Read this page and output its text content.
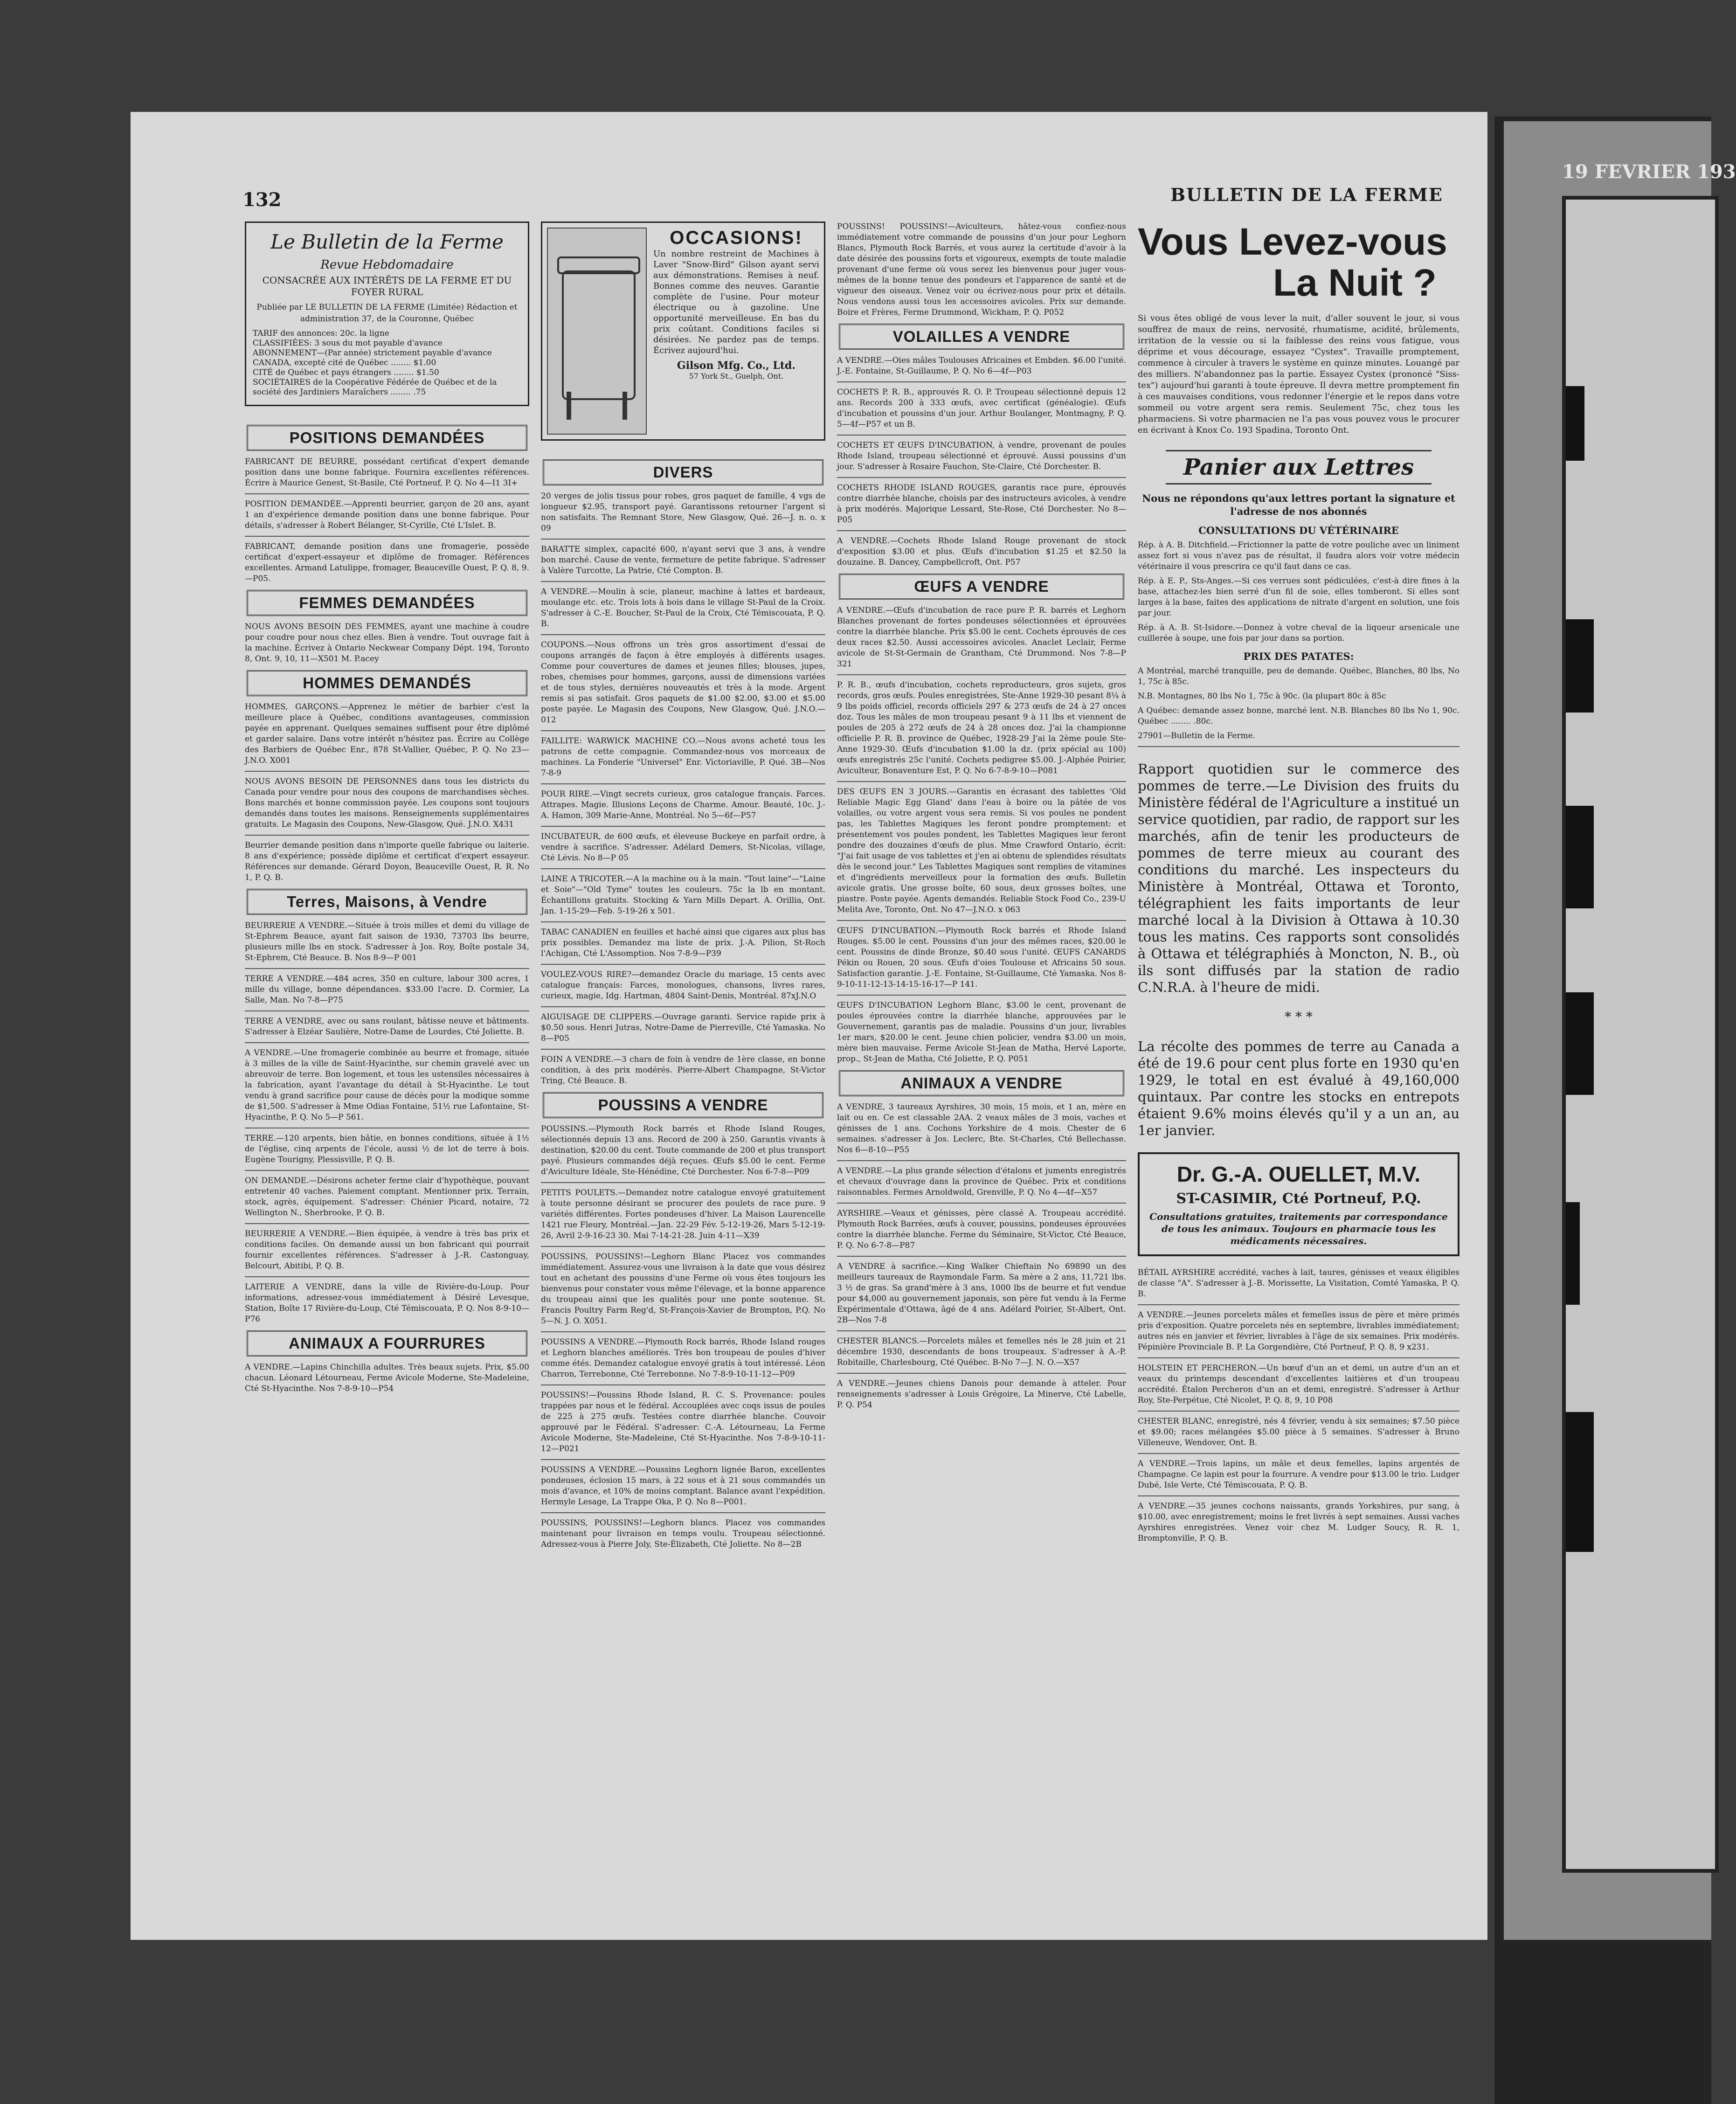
19 FEVRIER 193
132	BULLETIN DE LA FERME
Le Bulletin de la Ferme
Revue Hebdomadaire
CONSACRÉE AUX INTÉRÊTS DE LA FERME ET DU FOYER RURAL
Publiée par LE BULLETIN DE LA FERME (Limitée) Rédaction et administration 37, de la Couronne, Québec
TARIF des annonces: 20c. la ligne
CLASSIFIÉES: 3 sous du mot payable d'avance
ABONNEMENT—(Par année) strictement payable d'avance
CANADA, excepté cité de Québec ........ $1.00
CITÉ de Québec et pays étrangers ........ $1.50
SOCIÉTAIRES de la Coopérative Fédérée de Québec et de la société des Jardiniers Maraîchers ........ .75
POSITIONS DEMANDÉES

FABRICANT DE BEURRE, possédant certificat d'expert demande position dans une bonne fabrique. Fournira excellentes références. Écrire à Maurice Genest, St-Basile, Cté Portneuf, P. Q. No 4—I1 3I+

POSITION DEMANDÉE.—Apprenti beurrier, garçon de 20 ans, ayant 1 an d'expérience demande position dans une bonne fabrique. Pour détails, s'adresser à Robert Bélanger, St-Cyrille, Cté L'Islet. B.

FABRICANT, demande position dans une fromagerie, possède certificat d'expert-essayeur et diplôme de fromager. Références excellentes. Armand Latulippe, fromager, Beauceville Ouest, P. Q. 8, 9.—P05.

FEMMES DEMANDÉES

NOUS AVONS BESOIN DES FEMMES, ayant une machine à coudre pour coudre pour nous chez elles. Bien à vendre. Tout ouvrage fait à la machine. Écrivez à Ontario Neckwear Company Dépt. 194, Toronto 8, Ont. 9, 10, 11—X501 M. P.acey

HOMMES DEMANDÉS

HOMMES, GARÇONS.—Apprenez le métier de barbier c'est la meilleure place à Québec, conditions avantageuses, commission payée en apprenant. Quelques semaines suffisent pour être diplômé et garder salaire. Dans votre intérêt n'hésitez pas. Écrire au Collège des Barbiers de Québec Enr., 878 St-Vallier, Québec, P. Q. No 23—J.N.O. X001

NOUS AVONS BESOIN DE PERSONNES dans tous les districts du Canada pour vendre pour nous des coupons de marchandises sèches. Bons marchés et bonne commission payée. Les coupons sont toujours demandés dans toutes les maisons. Renseignements supplémentaires gratuits. Le Magasin des Coupons, New-Glasgow, Qué. J.N.O. X431

Beurrier demande position dans n'importe quelle fabrique ou laiterie. 8 ans d'expérience; possède diplôme et certificat d'expert essayeur. Références sur demande. Gérard Doyon, Beauceville Ouest, R. R. No 1, P. Q. B.

Terres, Maisons, à Vendre

BEURRERIE A VENDRE.—Située à trois milles et demi du village de St-Ephrem Beauce, ayant fait saison de 1930, 73703 lbs beurre, plusieurs mille lbs en stock. S'adresser à Jos. Roy, Boîte postale 34, St-Ephrem, Cté Beauce. B. Nos 8-9—P 001

TERRE A VENDRE.—484 acres, 350 en culture, labour 300 acres, 1 mille du village, bonne dépendances. $33.00 l'acre. D. Cormier, La Salle, Man. No 7-8—P75

TERRE A VENDRE, avec ou sans roulant, bâtisse neuve et bâtiments. S'adresser à Elzéar Saulière, Notre-Dame de Lourdes, Cté Joliette. B.

A VENDRE.—Une fromagerie combinée au beurre et fromage, située à 3 milles de la ville de Saint-Hyacinthe, sur chemin gravelé avec un abreuvoir de terre. Bon logement, et tous les ustensiles nécessaires à la fabrication, ayant l'avantage du détail à St-Hyacinthe. Le tout vendu à grand sacrifice pour cause de décès pour la modique somme de $1,500. S'adresser à Mme Odias Fontaine, 51½ rue Lafontaine, St-Hyacinthe, P. Q. No 5—P 561.

TERRE.—120 arpents, bien bâtie, en bonnes conditions, située à 1½ de l'église, cinq arpents de l'école, aussi ½ de lot de terre à bois. Eugène Tourigny, Plessisville, P. Q. B.

ON DEMANDE.—Désirons acheter ferme clair d'hypothèque, pouvant entretenir 40 vaches. Paiement comptant. Mentionner prix. Terrain, stock, agrès, équipement. S'adresser: Chénier Picard, notaire, 72 Wellington N., Sherbrooke, P. Q. B.

BEURRERIE A VENDRE.—Bien équipée, à vendre à très bas prix et conditions faciles. On demande aussi un bon fabricant qui pourrait fournir excellentes références. S'adresser à J.-R. Castonguay, Belcourt, Abitibi, P. Q. B.

LAITERIE A VENDRE, dans la ville de Rivière-du-Loup. Pour informations, adressez-vous immédiatement à Désiré Levesque, Station, Boîte 17 Rivière-du-Loup, Cté Témiscouata, P. Q. Nos 8-9-10—P76

ANIMAUX A FOURRURES

A VENDRE.—Lapins Chinchilla adultes. Très beaux sujets. Prix, $5.00 chacun. Léonard Létourneau, Ferme Avicole Moderne, Ste-Madeleine, Cté St-Hyacinthe. Nos 7-8-9-10—P54

OCCASIONS!

Un nombre restreint de Machines à Laver "Snow-Bird" Gilson ayant servi aux démonstrations. Remises à neuf. Bonnes comme des neuves. Garantie complète de l'usine. Pour moteur électrique ou à gazoline. Une opportunité merveilleuse. En bas du prix coûtant. Conditions faciles si désirées. Ne pardez pas de temps. Écrivez aujourd'hui.

Gilson Mfg. Co., Ltd.
57 York St., Guelph, Ont.
DIVERS

20 verges de jolis tissus pour robes, gros paquet de famille, 4 vgs de longueur $2.95, transport payé. Garantissons retourner l'argent si non satisfaits. The Remnant Store, New Glasgow, Qué. 26—J. n. o. x 09

BARATTE simplex, capacité 600, n'ayant servi que 3 ans, à vendre bon marché. Cause de vente, fermeture de petite fabrique. S'adresser à Valère Turcotte, La Patrie, Cté Compton. B.

A VENDRE.—Moulin à scie, planeur, machine à lattes et bardeaux, moulange etc. etc. Trois lots à bois dans le village St-Paul de la Croix. S'adresser à C.-E. Boucher, St-Paul de la Croix, Cté Témiscouata, P. Q. B.

COUPONS.—Nous offrons un très gros assortiment d'essai de coupons arrangés de façon à être employés à différents usages. Comme pour couvertures de dames et jeunes filles; blouses, jupes, robes, chemises pour hommes, garçons, aussi de dimensions variées et de tous styles, dernières nouveautés et très à la mode. Argent remis si pas satisfait. Gros paquets de $1.00 $2.00, $3.00 et $5.00 poste payée. Le Magasin des Coupons, New Glasgow, Qué. J.N.O.—012

FAILLITE: WARWICK MACHINE CO.—Nous avons acheté tous les patrons de cette compagnie. Commandez-nous vos morceaux de machines. La Fonderie "Universel" Enr. Victoriaville, P. Qué. 3B—Nos 7-8-9

POUR RIRE.—Vingt secrets curieux, gros catalogue français. Farces. Attrapes. Magie. Illusions Leçons de Charme. Amour. Beauté, 10c. J.-A. Hamon, 309 Marie-Anne, Montréal. No 5—6f—P57

INCUBATEUR, de 600 œufs, et éleveuse Buckeye en parfait ordre, à vendre à sacrifice. S'adresser. Adélard Demers, St-Nicolas, village, Cté Lévis. No 8—P 05

LAINE A TRICOTER.—A la machine ou à la main. "Tout laine"—"Laine et Soie"—"Old Tyme" toutes les couleurs. 75c la lb en montant. Échantillons gratuits. Stocking & Yarn Mills Depart. A. Orillia, Ont. Jan. 1-15-29—Feb. 5-19-26 x 501.

TABAC CANADIEN en feuilles et haché ainsi que cigares aux plus bas prix possibles. Demandez ma liste de prix. J.-A. Pilion, St-Roch l'Achigan, Cté L'Assomption. Nos 7-8-9—P39

VOULEZ-VOUS RIRE?—demandez Oracle du mariage, 15 cents avec catalogue français: Farces, monologues, chansons, livres rares, curieux, magie, Idg. Hartman, 4804 Saint-Denis, Montréal. 87xJ.N.O

AIGUISAGE DE CLIPPERS.—Ouvrage garanti. Service rapide prix à $0.50 sous. Henri Jutras, Notre-Dame de Pierreville, Cté Yamaska. No 8—P05

FOIN A VENDRE.—3 chars de foin à vendre de 1ère classe, en bonne condition, à des prix modérés. Pierre-Albert Champagne, St-Victor Tring, Cté Beauce. B.

POUSSINS A VENDRE

POUSSINS.—Plymouth Rock barrés et Rhode Island Rouges, sélectionnés depuis 13 ans. Record de 200 à 250. Garantis vivants à destination, $20.00 du cent. Toute commande de 200 et plus transport payé. Plusieurs commandes déjà reçues. Œufs $5.00 le cent. Ferme d'Aviculture Idéale, Ste-Hénédine, Cté Dorchester. Nos 6-7-8—P09

PETITS POULETS.—Demandez notre catalogue envoyé gratuitement à toute personne désirant se procurer des poulets de race pure. 9 variétés différentes. Fortes pondeuses d'hiver. La Maison Laurencelle 1421 rue Fleury, Montréal.—Jan. 22-29 Fév. 5-12-19-26, Mars 5-12-19-26, Avril 2-9-16-23 30. Mai 7-14-21-28. Juin 4-11—X39

POUSSINS, POUSSINS!—Leghorn Blanc Placez vos commandes immédiatement. Assurez-vous une livraison à la date que vous désirez tout en achetant des poussins d'une Ferme où vous êtes toujours les bienvenus pour constater vous même l'élevage, et la bonne apparence du troupeau ainsi que les qualités pour une ponte soutenue. St. Francis Poultry Farm Reg'd, St-François-Xavier de Brompton, P.Q. No 5—N. J. O. X051.

POUSSINS A VENDRE.—Plymouth Rock barrés, Rhode Island rouges et Leghorn blanches améliorés. Très bon troupeau de poules d'hiver comme étés. Demandez catalogue envoyé gratis à tout intéressé. Léon Charron, Terrebonne, Cté Terrebonne. No 7-8-9-10-11-12—P09

POUSSINS!—Poussins Rhode Island, R. C. S. Provenance: poules trappées par nous et le fédéral. Accouplées avec coqs issus de poules de 225 à 275 œufs. Testées contre diarrhée blanche. Couvoir approuvé par le Fédéral. S'adresser: C.-A. Létourneau, La Ferme Avicole Moderne, Ste-Madeleine, Cté St-Hyacinthe. Nos 7-8-9-10-11-12—P021

POUSSINS A VENDRE.—Poussins Leghorn lignée Baron, excellentes pondeuses, éclosion 15 mars, à 22 sous et à 21 sous commandés un mois d'avance, et 10% de moins comptant. Balance avant l'expédition. Hermyle Lesage, La Trappe Oka, P. Q. No 8—P001.

POUSSINS, POUSSINS!—Leghorn blancs. Placez vos commandes maintenant pour livraison en temps voulu. Troupeau sélectionné. Adressez-vous à Pierre Joly, Ste-Élizabeth, Cté Joliette. No 8—2B

POUSSINS! POUSSINS!—Aviculteurs, hâtez-vous confiez-nous immédiatement votre commande de poussins d'un jour pour Leghorn Blancs, Plymouth Rock Barrés, et vous aurez la certitude d'avoir à la date désirée des poussins forts et vigoureux, exempts de toute maladie provenant d'une ferme où vous serez les bienvenus pour juger vous-mêmes de la bonne tenue des pondeurs et l'apparence de santé et de vigueur des oiseaux. Venez voir ou écrivez-nous pour prix et détails. Nous vendons aussi tous les accessoires avicoles. Prix sur demande. Boire et Frères, Ferme Drummond, Wickham, P. Q. P052

VOLAILLES A VENDRE

A VENDRE.—Oies mâles Toulouses Africaines et Embden. $6.00 l'unité. J.-E. Fontaine, St-Guillaume, P. Q. No 6—4f—P03

COCHETS P. R. B., approuvés R. O. P. Troupeau sélectionné depuis 12 ans. Records 200 à 333 œufs, avec certificat (généalogie). Œufs d'incubation et poussins d'un jour. Arthur Boulanger, Montmagny, P. Q. 5—4f—P57 et un B.

COCHETS ET ŒUFS D'INCUBATION, à vendre, provenant de poules Rhode Island, troupeau sélectionné et éprouvé. Aussi poussins d'un jour. S'adresser à Rosaire Fauchon, Ste-Claire, Cté Dorchester. B.

COCHETS RHODE ISLAND ROUGES, garantis race pure, éprouvés contre diarrhée blanche, choisis par des instructeurs avicoles, à vendre à prix modérés. Majorique Lessard, Ste-Rose, Cté Dorchester. No 8—P05

A VENDRE.—Cochets Rhode Island Rouge provenant de stock d'exposition $3.00 et plus. Œufs d'incubation $1.25 et $2.50 la douzaine. B. Dancey, Campbellcroft, Ont. P57

ŒUFS A VENDRE

A VENDRE.—Œufs d'incubation de race pure P. R. barrés et Leghorn Blanches provenant de fortes pondeuses sélectionnées et éprouvées contre la diarrhée blanche. Prix $5.00 le cent. Cochets éprouvés de ces deux races $2.50. Aussi accessoires avicoles. Anaclet Leclair, Ferme avicole de St-St-Germain de Grantham, Cté Drummond. Nos 7-8—P 321

P. R. B., œufs d'incubation, cochets reproducteurs, gros sujets, gros records, gros œufs. Poules enregistrées, Ste-Anne 1929-30 pesant 8¼ à 9 lbs poids officiel, records officiels 297 & 273 œufs de 24 à 27 onces doz. Tous les mâles de mon troupeau pesant 9 à 11 lbs et viennent de poules de 205 à 272 œufs de 24 à 28 onces doz. J'ai la championne officielle P. R. B. province de Québec, 1928-29 J'ai la 2ème poule Ste-Anne 1929-30. Œufs d'incubation $1.00 la dz. (prix spécial au 100) œufs enregistrés 25c l'unité. Cochets pedigree $5.00. J.-Alphée Poirier, Aviculteur, Bonaventure Est, P. Q. No 6-7-8-9-10—P081

DES ŒUFS EN 3 JOURS.—Garantis en écrasant des tablettes 'Old Reliable Magic Egg Gland' dans l'eau à boire ou la pâtée de vos volailles, ou votre argent vous sera remis. Si vos poules ne pondent pas, les Tablettes Magiques les feront pondre promptement: et présentement vos poules pondent, les Tablettes Magiques leur feront pondre des douzaines d'œufs de plus. Mme Crawford Ontario, écrit: "J'ai fait usage de vos tablettes et j'en ai obtenu de splendides résultats dès le second jour." Les Tablettes Magiques sont remplies de vitamines et d'ingrédients merveilleux pour la formation des œufs. Bulletin avicole gratis. Une grosse boîte, 60 sous, deux grosses boîtes, une piastre. Poste payée. Agents demandés. Reliable Stock Food Co., 239-U Melita Ave, Toronto, Ont. No 47—J.N.O. x 063

ŒUFS D'INCUBATION.—Plymouth Rock barrés et Rhode Island Rouges. $5.00 le cent. Poussins d'un jour des mêmes races, $20.00 le cent. Poussins de dinde Bronze, $0.40 sous l'unité. ŒUFS CANARDS Pékin ou Rouen, 20 sous. Œufs d'oies Toulouse et Africains 50 sous. Satisfaction garantie. J.-E. Fontaine, St-Guillaume, Cté Yamaska. Nos 8-9-10-11-12-13-14-15-16-17—P 141.

ŒUFS D'INCUBATION Leghorn Blanc, $3.00 le cent, provenant de poules éprouvées contre la diarrhée blanche, approuvées par le Gouvernement, garantis pas de maladie. Poussins d'un jour, livrables 1er mars, $20.00 le cent. Jeune chien policier, vendra $3.00 un mois, mère bien mauvaise. Ferme Avicole St-Jean de Matha, Hervé Laporte, prop., St-Jean de Matha, Cté Joliette, P. Q. P051

ANIMAUX A VENDRE

A VENDRE, 3 taureaux Ayrshires, 30 mois, 15 mois, et 1 an, mère en lait ou en. Ce est classable 2AA. 2 veaux mâles de 3 mois, vaches et génisses de 1 ans. Cochons Yorkshire de 4 mois. Chester de 6 semaines. s'adresser à Jos. Leclerc, Bte. St-Charles, Cté Bellechasse. Nos 6—8-10—P55

A VENDRE.—La plus grande sélection d'étalons et juments enregistrés et chevaux d'ouvrage dans la province de Québec. Prix et conditions raisonnables. Fermes Arnoldwold, Grenville, P. Q. No 4—4f—X57

AYRSHIRE.—Veaux et génisses, père classé A. Troupeau accrédité. Plymouth Rock Barrées, œufs à couver, poussins, pondeuses éprouvées contre la diarrhée blanche. Ferme du Séminaire, St-Victor, Cté Beauce, P. Q. No 6-7-8—P87

A VENDRE à sacrifice.—King Walker Chieftain No 69890 un des meilleurs taureaux de Raymondale Farm. Sa mère a 2 ans, 11,721 lbs. 3 ½ de gras. Sa grand'mère à 3 ans, 1000 lbs de beurre et fut vendue pour $4,000 au gouvernement japonais, son père fut vendu à la Ferme Expérimentale d'Ottawa, âgé de 4 ans. Adélard Poirier, St-Albert, Ont. 2B—Nos 7-8

CHESTER BLANCS.—Porcelets mâles et femelles nés le 28 juin et 21 décembre 1930, descendants de bons troupeaux. S'adresser à A.-P. Robitaille, Charlesbourg, Cté Québec. B-No 7—J. N. O.—X57

A VENDRE.—Jeunes chiens Danois pour demande à atteler. Pour renseignements s'adresser à Louis Grégoire, La Minerve, Cté Labelle, P. Q. P54

Vous Levez-vous
La Nuit ?

Si vous êtes obligé de vous lever la nuit, d'aller souvent le jour, si vous souffrez de maux de reins, nervosité, rhumatisme, acidité, brûlements, irritation de la vessie ou si la faiblesse des reins vous fatigue, vous déprime et vous décourage, essayez "Cystex". Travaille promptement, commence à circuler à travers le système en quinze minutes. Louangé par des milliers. N'abandonnez pas la partie. Essayez Cystex (prononcé "Siss-tex") aujourd'hui garanti à toute épreuve. Il devra mettre promptement fin à ces mauvaises conditions, vous redonner l'énergie et le repos dans votre sommeil ou votre argent sera remis. Seulement 75c, chez tous les pharmaciens. Si votre pharmacien ne l'a pas vous pouvez vous le procurer en écrivant à Knox Co. 193 Spadina, Toronto Ont.

Panier aux Lettres
Nous ne répondons qu'aux lettres portant la signature et l'adresse de nos abonnés
CONSULTATIONS DU VÉTÉRINAIRE

Rép. à A. B. Ditchfield.—Frictionner la patte de votre pouliche avec un liniment assez fort si vous n'avez pas de résultat, il faudra alors voir votre médecin vétérinaire il vous prescrira ce qu'il faut dans ce cas.

Rép. à E. P., Sts-Anges.—Si ces verrues sont pédiculées, c'est-à dire fines à la base, attachez-les bien serré d'un fil de soie, elles tomberont. Si elles sont larges à la base, faites des applications de nitrate d'argent en solution, une fois par jour.

Rép. à A. B. St-Isidore.—Donnez à votre cheval de la liqueur arsenicale une cuillerée à soupe, une fois par jour dans sa portion.

PRIX DES PATATES:

A Montréal, marché tranquille, peu de demande. Québec, Blanches, 80 lbs, No 1, 75c à 85c.

N.B. Montagnes, 80 lbs No 1, 75c à 90c. (la plupart 80c à 85c

A Québec: demande assez bonne, marché lent. N.B. Blanches 80 lbs No 1, 90c. Québec ........ .80c.

27901—Bulletin de la Ferme.

Rapport quotidien sur le commerce des pommes de terre.—Le Division des fruits du Ministère fédéral de l'Agriculture a institué un service quotidien, par radio, de rapport sur les marchés, afin de tenir les producteurs de pommes de terre mieux au courant des conditions du marché. Les inspecteurs du Ministère à Montréal, Ottawa et Toronto, télégraphient les faits importants de leur marché local à la Division à Ottawa à 10.30 tous les matins. Ces rapports sont consolidés à Ottawa et télégraphiés à Moncton, N. B., où ils sont diffusés par la station de radio C.N.R.A. à l'heure de midi.

* * *

La récolte des pommes de terre au Canada a été de 19.6 pour cent plus forte en 1930 qu'en 1929, le total en est évalué à 49,160,000 quintaux. Par contre les stocks en entrepots étaient 9.6% moins élevés qu'il y a un an, au 1er janvier.

Dr. G.-A. OUELLET, M.V.
ST-CASIMIR, Cté Portneuf, P.Q.
Consultations gratuites, traitements par correspondance de tous les animaux. Toujours en pharmacie tous les médicaments nécessaires.

BÉTAIL AYRSHIRE accrédité, vaches à lait, taures, génisses et veaux éligibles de classe "A". S'adresser à J.-B. Morissette, La Visitation, Comté Yamaska, P. Q. B.

A VENDRE.—Jeunes porcelets mâles et femelles issus de père et mère primés pris d'exposition. Quatre porcelets nés en septembre, livrables immédiatement; autres nés en janvier et février, livrables à l'âge de six semaines. Prix modérés. Pépinière Provinciale B. P. La Gorgendière, Cté Portneuf, P. Q. 8, 9 x231.

HOLSTEIN ET PERCHERON.—Un bœuf d'un an et demi, un autre d'un an et veaux du printemps descendant d'excellentes laitières et d'un troupeau accrédité. Étalon Percheron d'un an et demi, enregistré. S'adresser à Arthur Roy, Ste-Perpétue, Cté Nicolet, P. Q. 8, 9, 10 P08

CHESTER BLANC, enregistré, nés 4 février, vendu à six semaines; $7.50 pièce et $9.00; races mélangées $5.00 pièce à 5 semaines. S'adresser à Bruno Villeneuve, Wendover, Ont. B.

A VENDRE.—Trois lapins, un mâle et deux femelles, lapins argentés de Champagne. Ce lapin est pour la fourrure. A vendre pour $13.00 le trio. Ludger Dubé, Isle Verte, Cté Témiscouata, P. Q. B.

A VENDRE.—35 jeunes cochons naissants, grands Yorkshires, pur sang, à $10.00, avec enregistrement; moins le fret livrés à sept semaines. Aussi vaches Ayrshires enregistrées. Venez voir chez M. Ludger Soucy, R. R. 1, Bromptonville, P. Q. B.
